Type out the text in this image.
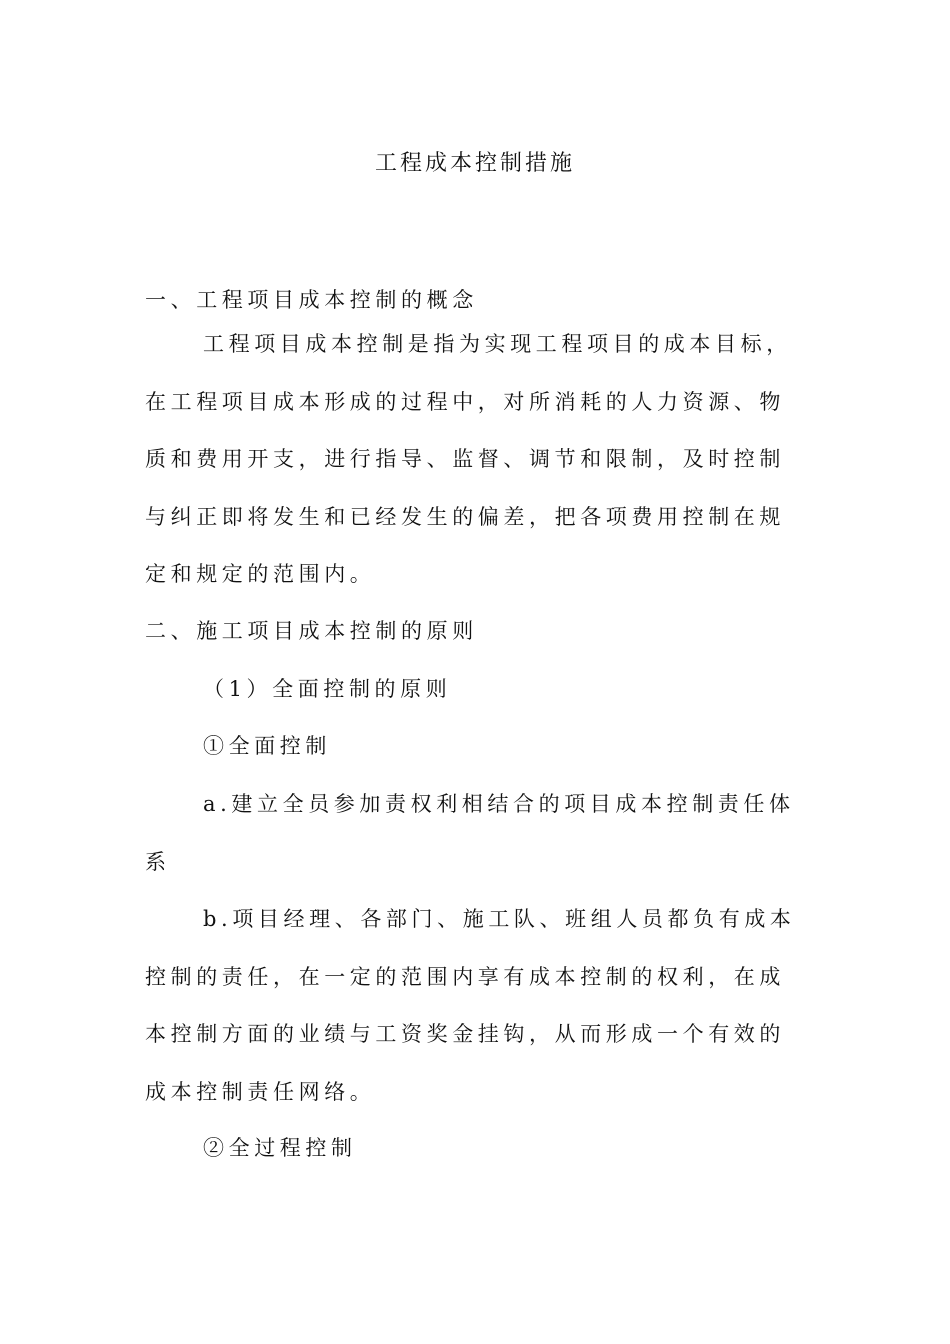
工程成本控制措施

一、工程项目成本控制的概念

工程项目成本控制是指为实现工程项目的成本目标，在工程项目成本形成的过程中，对所消耗的人力资源、物质和费用开支，进行指导、监督、调节和限制，及时控制与纠正即将发生和已经发生的偏差，把各项费用控制在规定和规定的范围内。

二、施工项目成本控制的原则

（1）全面控制的原则

①全面控制

a.建立全员参加责权利相结合的项目成本控制责任体系

b.项目经理、各部门、施工队、班组人员都负有成本控制的责任，在一定的范围内享有成本控制的权利，在成本控制方面的业绩与工资奖金挂钩，从而形成一个有效的成本控制责任网络。

②全过程控制
